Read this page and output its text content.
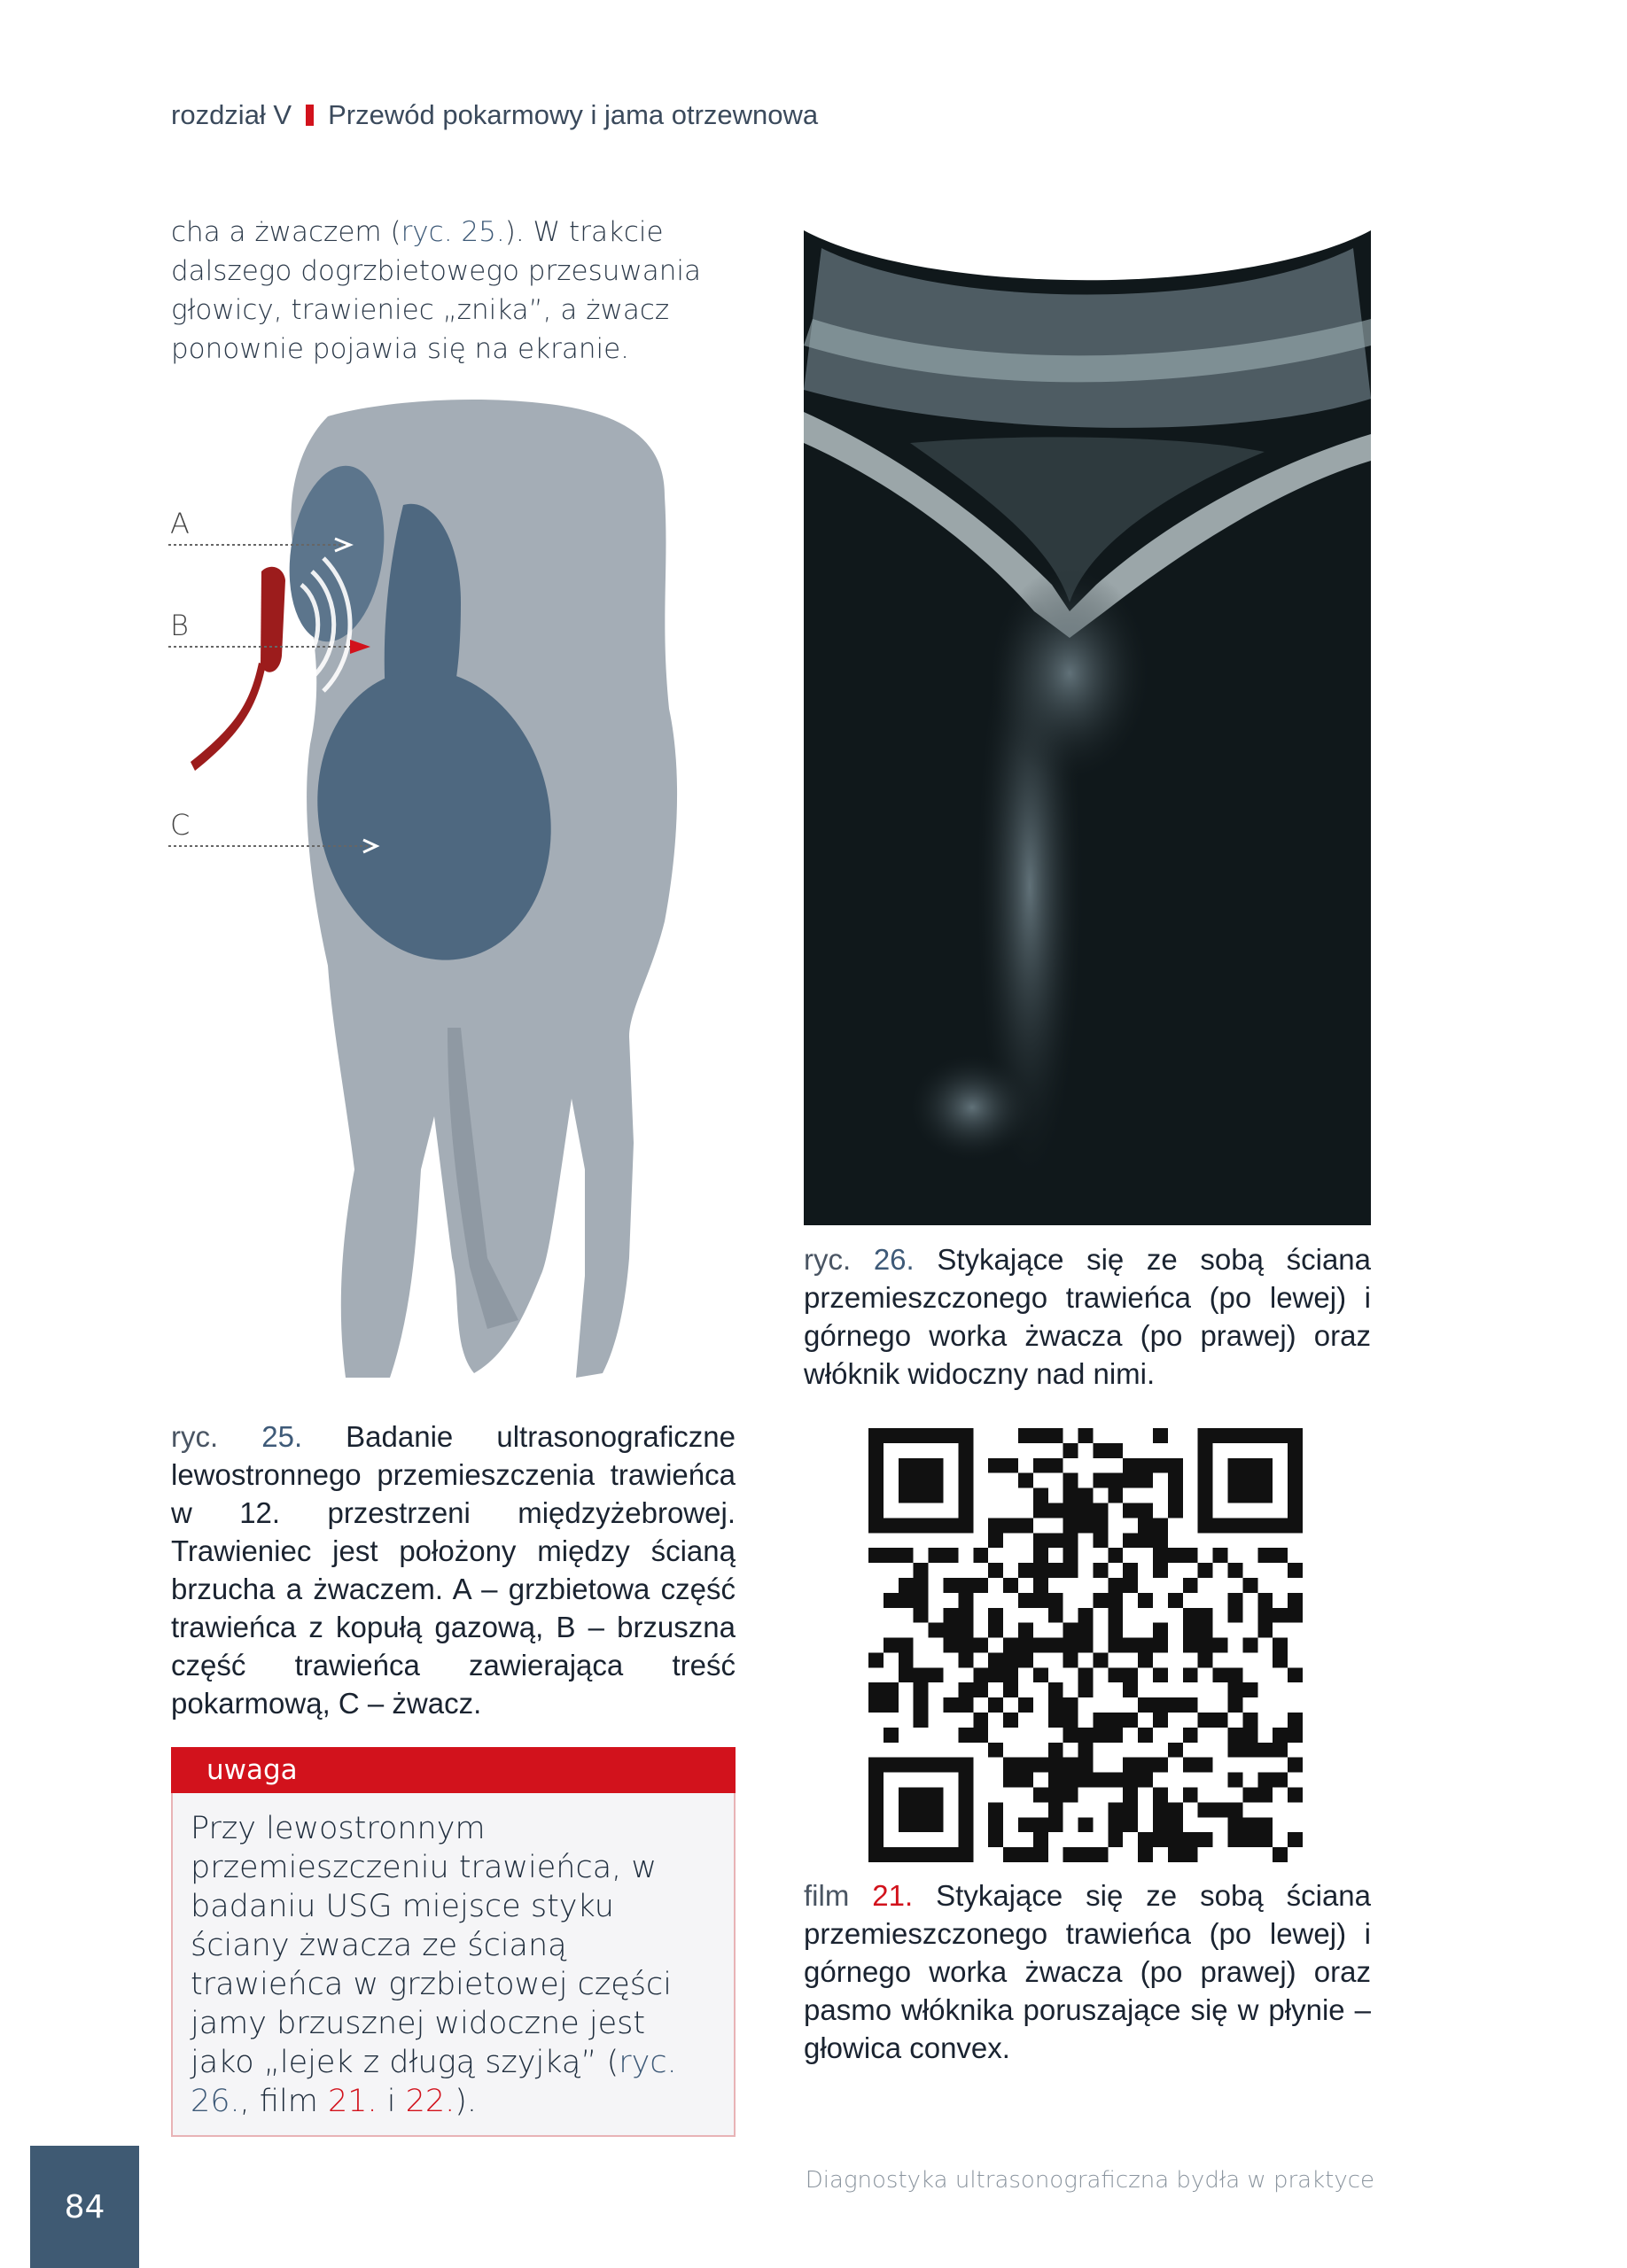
rozdział V Przewód pokarmowy i jama otrzewnowa
cha a żwaczem (ryc. 25.). W trakcie dalszego dogrzbietowego przesuwania głowicy, trawieniec „znika”, a żwacz ponownie pojawia się na ekranie.
A
B
C
ryc. 25. Badanie ultrasonograficzne lewostronnego przemieszczenia trawieńca w 12. przestrzeni międzyżebrowej. Trawieniec jest położony między ścianą brzucha a żwaczem. A – grzbietowa część trawieńca z kopułą gazową, B – brzuszna część trawieńca zawierająca treść pokarmową, C – żwacz.
ryc. 26. Stykające się ze sobą ściana przemieszczonego trawieńca (po lewej) i górnego worka żwacza (po prawej) oraz włóknik widoczny nad nimi.
film 21. Stykające się ze sobą ściana przemieszczonego trawieńca (po lewej) i górnego worka żwacza (po prawej) oraz pasmo włóknika poruszające się w płynie – głowica convex.
uwaga
Przy lewostronnym przemieszczeniu trawieńca, w badaniu USG miejsce styku ściany żwacza ze ścianą trawieńca w grzbietowej części jamy brzusznej widoczne jest jako „lejek z długą szyjką” (ryc. 26., film 21. i 22.).
84
Diagnostyka ultrasonograficzna bydła w praktyce
